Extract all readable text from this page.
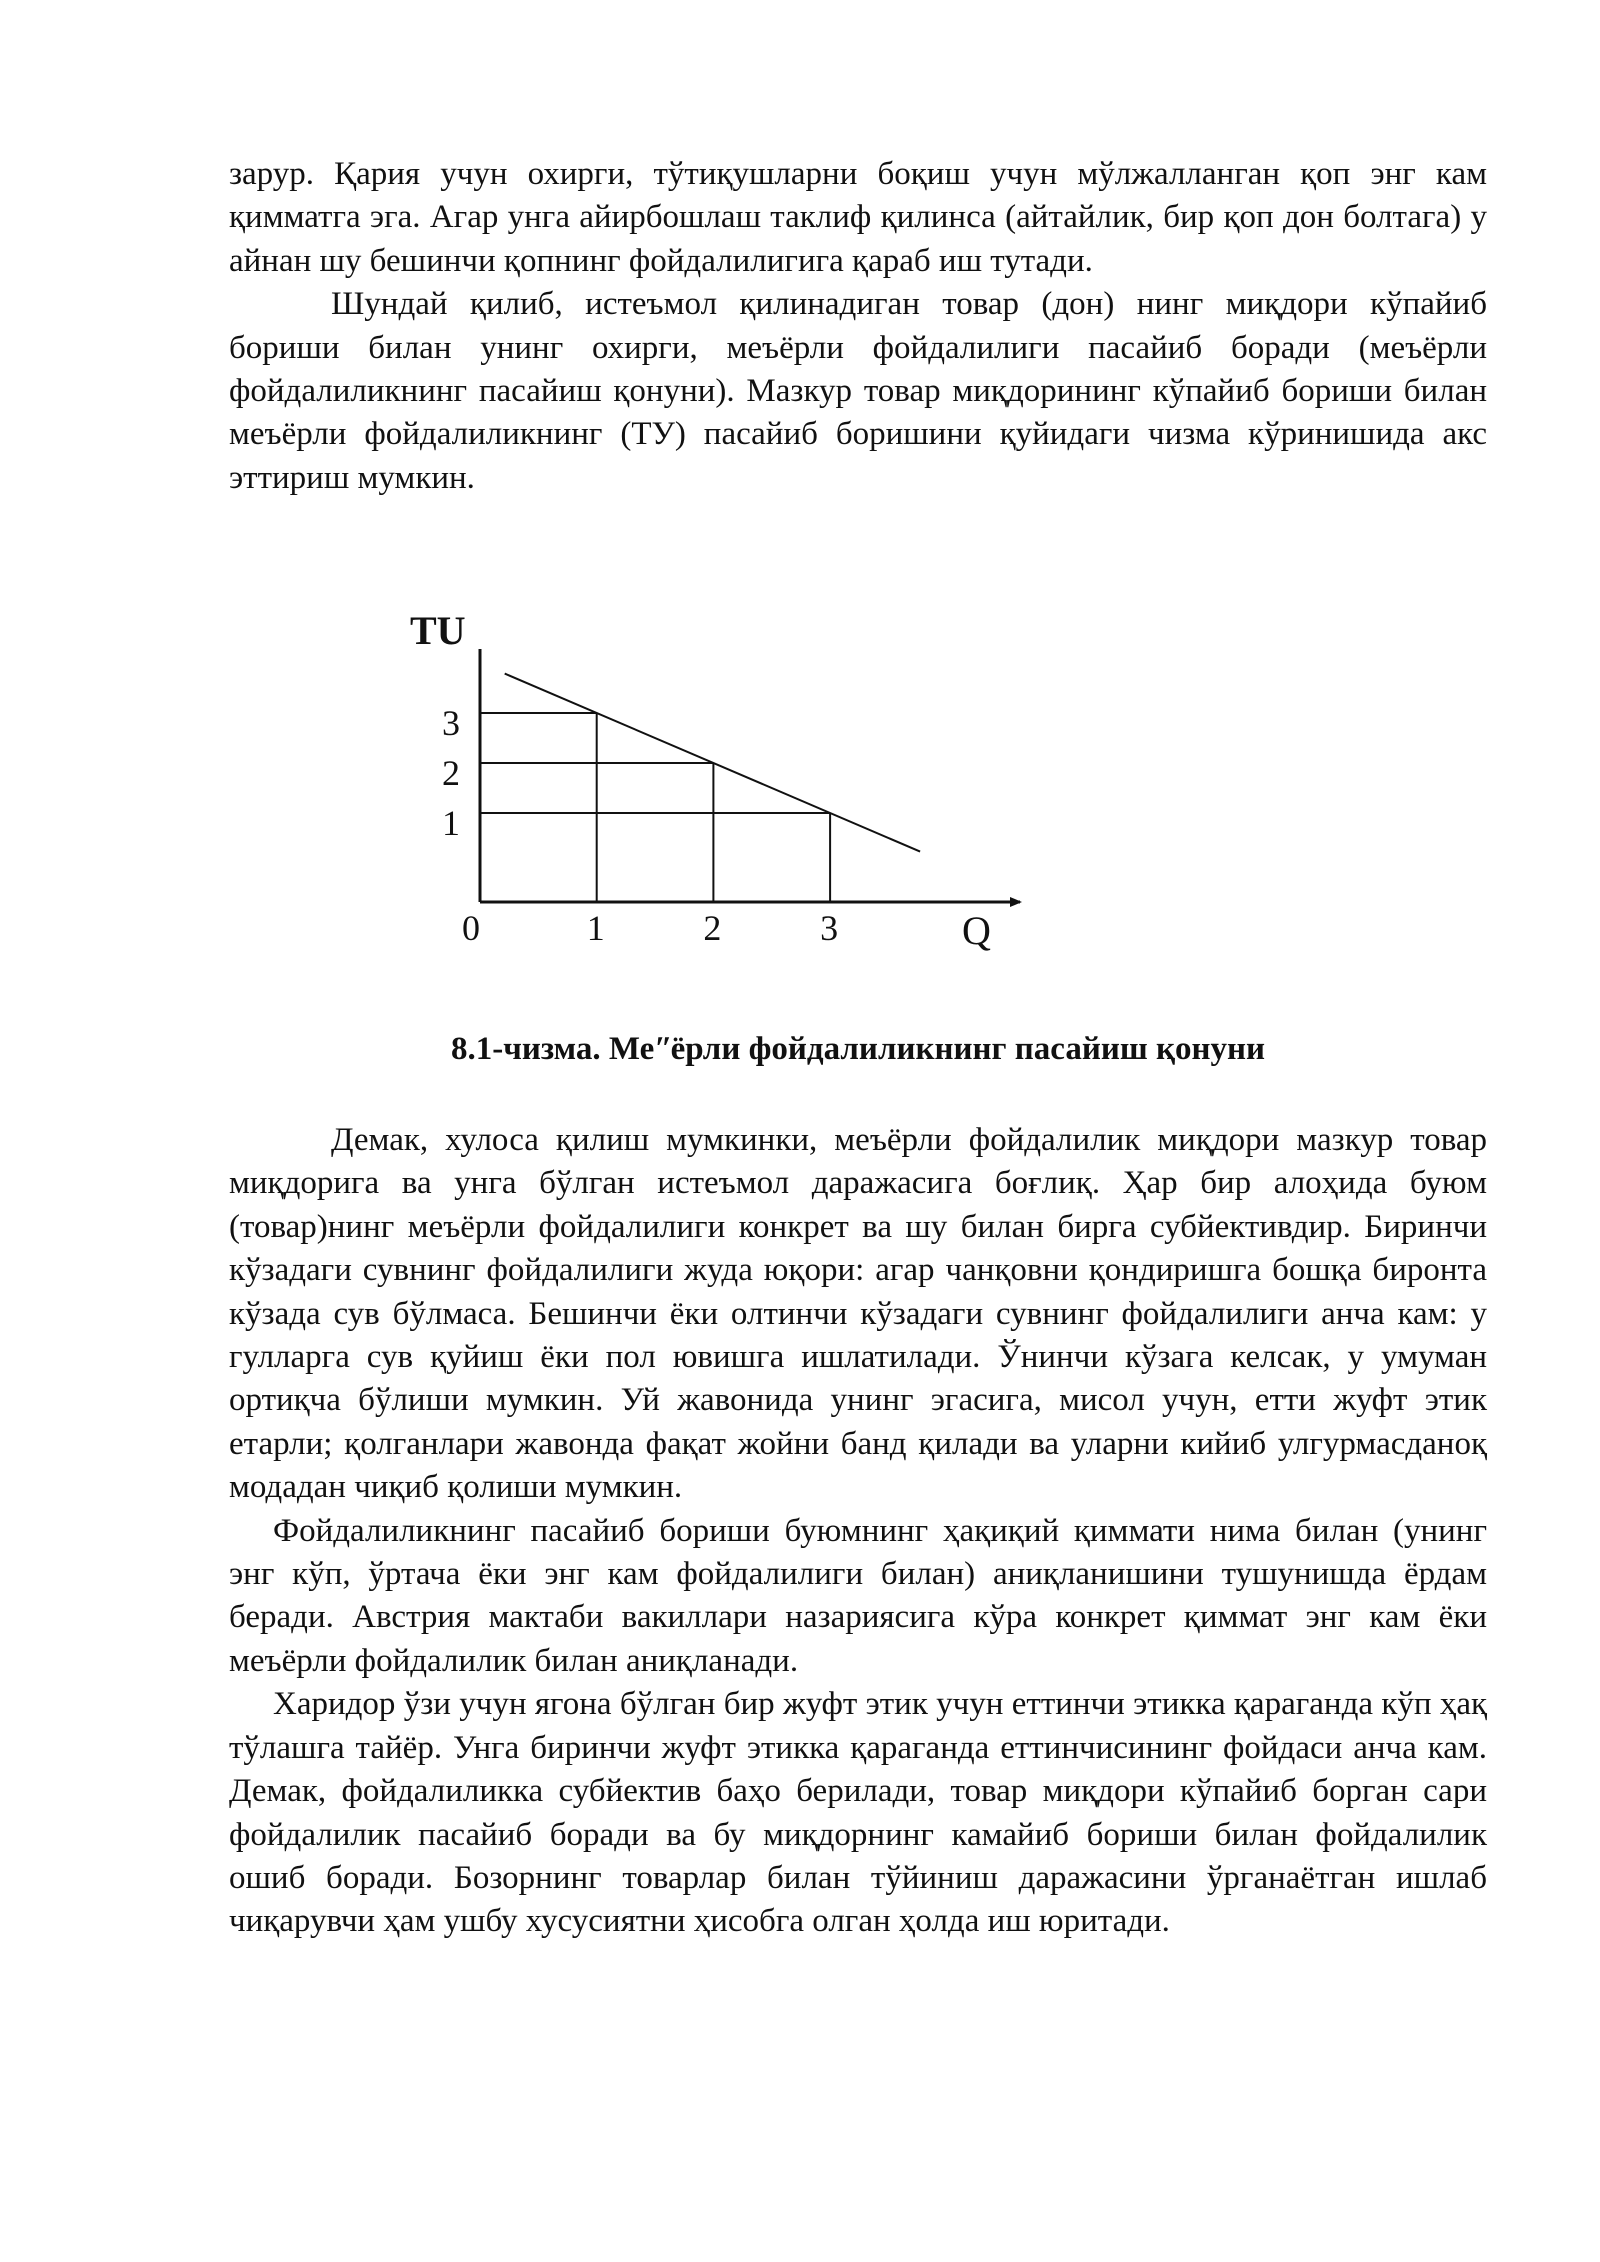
зарур. Қария учун охирги, тўтиқушларни боқиш учун мўлжалланган қоп энг кам қимматга эга. Агар унга айирбошлаш таклиф қилинса (айтайлик, бир қоп дон болтага) у айнан шу бешинчи қопнинг фойдалилигига қараб иш тутади.

Шундай қилиб, истеъмол қилинадиган товар (дон) нинг миқдори кўпайиб бориши билан унинг охирги, меъёрли фойдалилиги пасайиб боради (меъёрли фойдалиликнинг пасайиш қонуни). Мазкур товар миқдорининг кўпайиб бориши билан меъёрли фойдалиликнинг (ТУ) пасайиб боришини қуйидаги чизма кўринишида акс эттириш мумкин.

TU
Q
0	1	2	3
3
2
1
8.1-чизма. Меʺёрли фойдалиликнинг пасайиш қонуни

Демак, хулоса қилиш мумкинки, меъёрли фойдалилик миқдори мазкур товар миқдорига ва унга бўлган истеъмол даражасига боғлиқ. Ҳар бир алоҳида буюм (товар)нинг меъёрли фойдалилиги конкрет ва шу билан бирга субйективдир. Биринчи кўзадаги сувнинг фойдалилиги жуда юқори: агар чанқовни қондиришга бошқа биронта кўзада сув бўлмаса. Бешинчи ёки олтинчи кўзадаги сувнинг фойдалилиги анча кам: у гулларга сув қуйиш ёки пол ювишга ишлатилади. Ўнинчи кўзага келсак, у умуман ортиқча бўлиши мумкин. Уй жавонида унинг эгасига, мисол учун, етти жуфт этик етарли; қолганлари жавонда фақат жойни банд қилади ва уларни кийиб улгурмасданоқ модадан чиқиб қолиши мумкин.

Фойдалиликнинг пасайиб бориши буюмнинг ҳақиқий қиммати нима билан (унинг энг кўп, ўртача ёки энг кам фойдалилиги билан) аниқланишини тушунишда ёрдам беради. Австрия мактаби вакиллари назариясига кўра конкрет қиммат энг кам ёки меъёрли фойдалилик билан аниқланади.

Харидор ўзи учун ягона бўлган бир жуфт этик учун еттинчи этикка қараганда кўп ҳақ тўлашга тайёр. Унга биринчи жуфт этикка қараганда еттинчисининг фойдаси анча кам. Демак, фойдалиликка субйектив баҳо берилади, товар миқдори кўпайиб борган сари фойдалилик пасайиб боради ва бу миқдорнинг камайиб бориши билан фойдалилик ошиб боради. Бозорнинг товарлар билан тўйиниш даражасини ўрганаётган ишлаб чиқарувчи ҳам ушбу хусусиятни ҳисобга олган ҳолда иш юритади.
